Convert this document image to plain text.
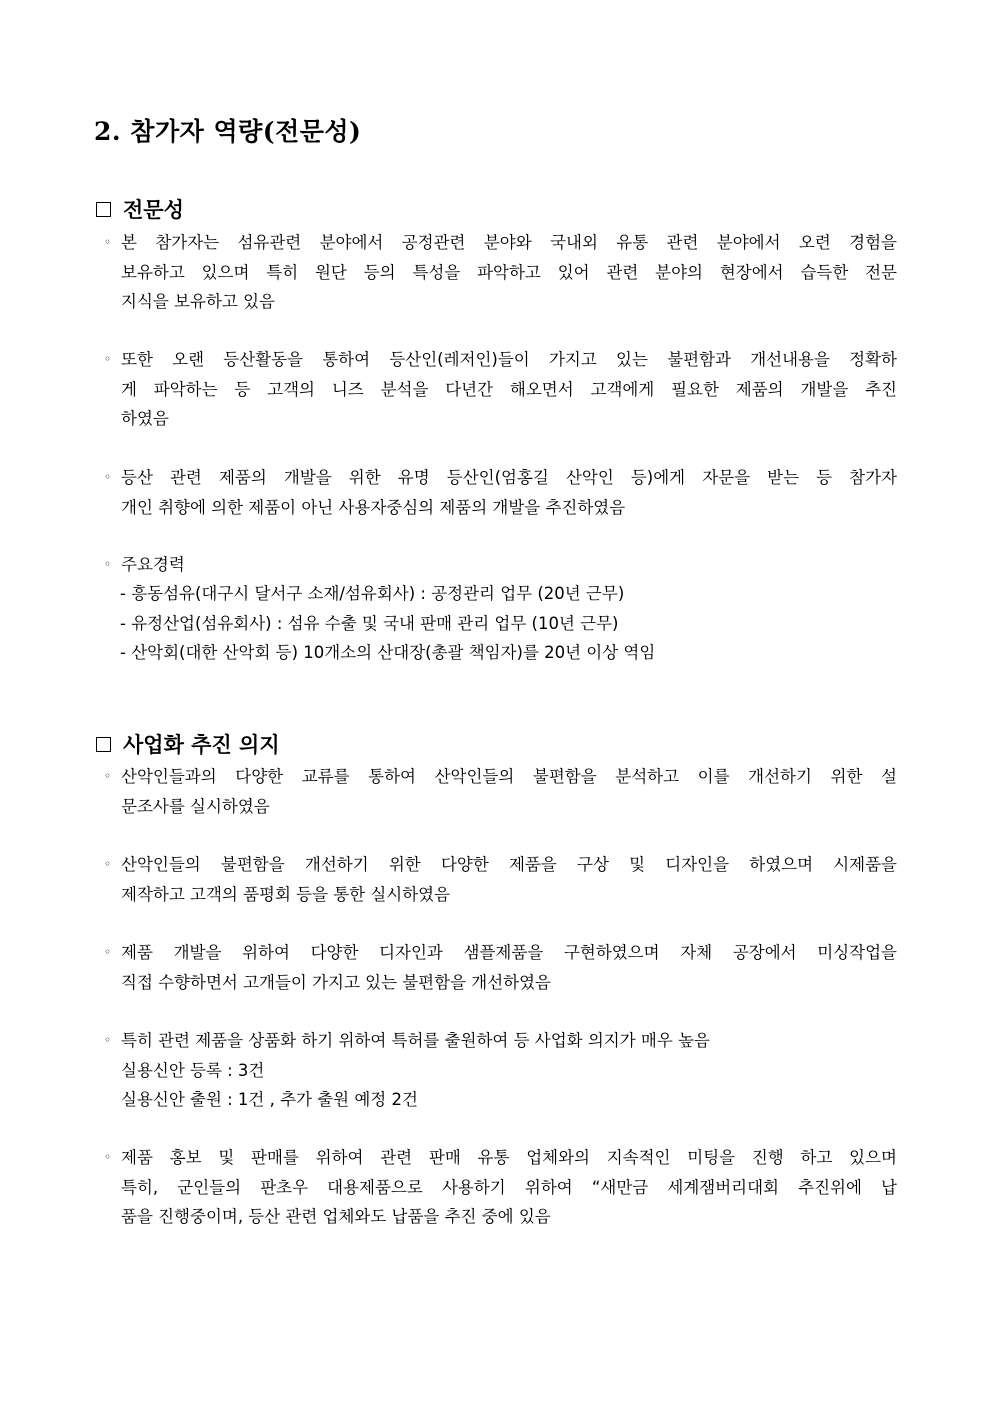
2. 참가자 역량(전문성)
전문성
◦ 본 참가자는 섬유관련 분야에서 공정관련 분야와 국내외 유통 관련 분야에서 오련 경험을
보유하고 있으며 특히 원단 등의 특성을 파악하고 있어 관련 분야의 현장에서 습득한 전문
지식을 보유하고 있음
◦ 또한 오랜 등산활동을 통하여 등산인(레저인)들이 가지고 있는 불편함과 개선내용을 정확하
게 파악하는 등 고객의 니즈 분석을 다년간 해오면서 고객에게 필요한 제품의 개발을 추진
하였음
◦ 등산 관련 제품의 개발을 위한 유명 등산인(엄홍길 산악인 등)에게 자문을 받는 등 참가자
개인 취향에 의한 제품이 아닌 사용자중심의 제품의 개발을 추진하였음
◦ 주요경력
- 흥동섬유(대구시 달서구 소재/섬유회사) : 공정관리 업무 (20년 근무)
- 유정산업(섬유회사) : 섬유 수출 및 국내 판매 관리 업무 (10년 근무)
- 산악회(대한 산악회 등) 10개소의 산대장(총괄 책임자)를 20년 이상 역임
사업화 추진 의지
◦ 산악인들과의 다양한 교류를 통하여 산악인들의 불편함을 분석하고 이를 개선하기 위한 설
문조사를 실시하였음
◦ 산악인들의 불편함을 개선하기 위한 다양한 제품을 구상 및 디자인을 하였으며 시제품을
제작하고 고객의 품평회 등을 통한 실시하였음
◦ 제품 개발을 위하여 다양한 디자인과 샘플제품을 구현하였으며 자체 공장에서 미싱작업을
직접 수향하면서 고개들이 가지고 있는 불편함을 개선하였음
◦ 특히 관련 제품을 상품화 하기 위하여 특허를 출원하여 등 사업화 의지가 매우 높음
실용신안 등록 : 3건
실용신안 출원 : 1건 , 추가 출원 예정 2건
◦ 제품 홍보 및 판매를 위하여 관련 판매 유통 업체와의 지속적인 미팅을 진행 하고 있으며
특히, 군인들의 판초우 대용제품으로 사용하기 위하여 “새만금 세계잼버리대회 추진위에 납
품을 진행중이며, 등산 관련 업체와도 납품을 추진 중에 있음
